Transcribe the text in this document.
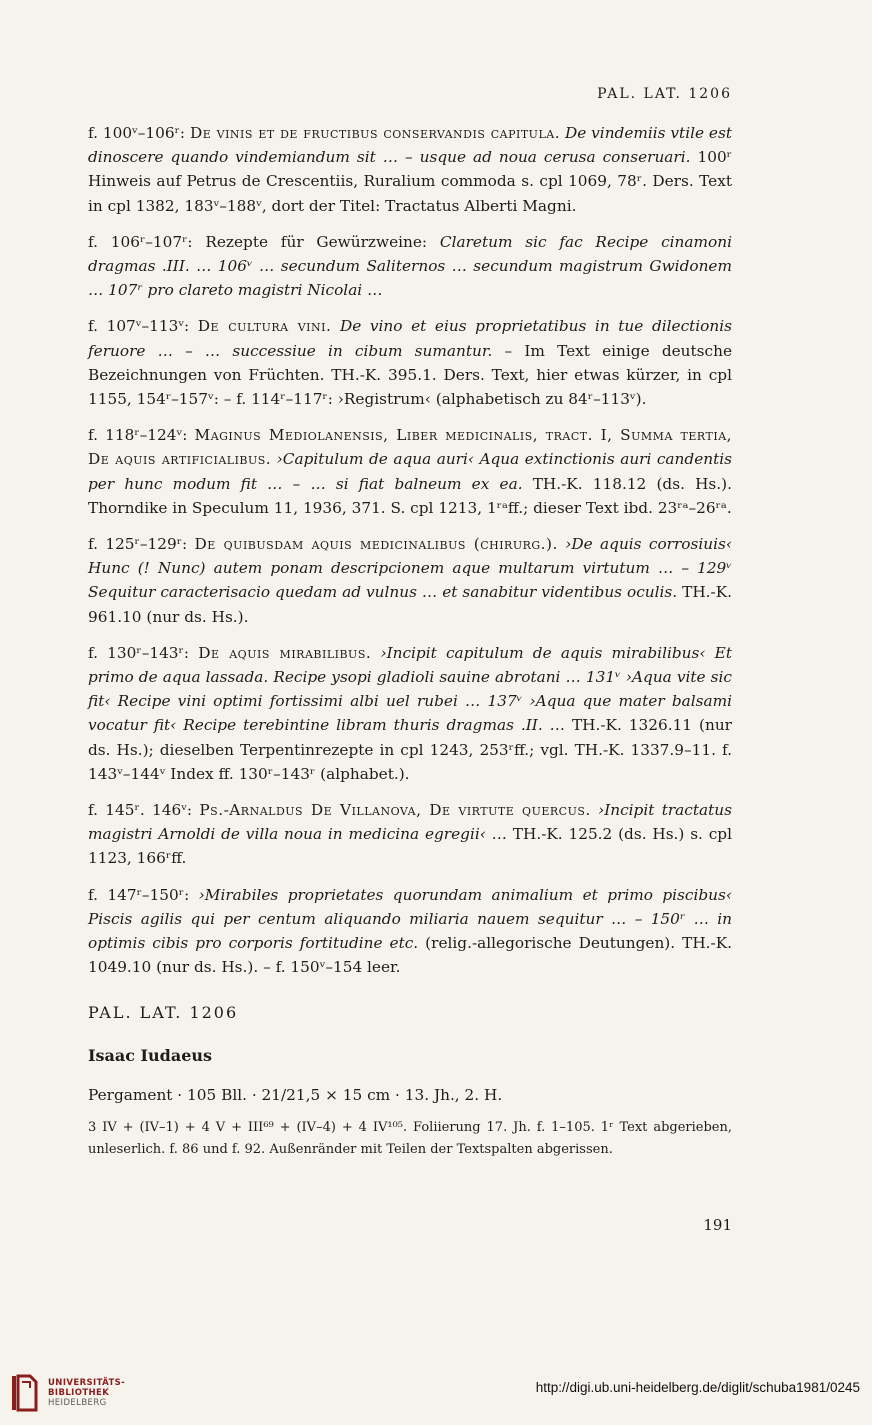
PAL. LAT. 1206

f. 100ᵛ–106ʳ: De vinis et de fructibus conservandis capitula. De vindemiis vtile est dinoscere quando vindemiandum sit … – usque ad noua cerusa conseruari. 100ʳ Hinweis auf Petrus de Crescentiis, Ruralium commoda s. cpl 1069, 78ʳ. Ders. Text in cpl 1382, 183ᵛ–188ᵛ, dort der Titel: Tractatus Alberti Magni.

f. 106ʳ–107ʳ: Rezepte für Gewürzweine: Claretum sic fac Recipe cinamoni dragmas .III. … 106ᵛ … secundum Saliternos … secundum magistrum Gwidonem … 107ʳ pro clareto magistri Nicolai …

f. 107ᵛ–113ᵛ: De cultura vini. De vino et eius proprietatibus in tue dilectionis feruore … – … successiue in cibum sumantur. – Im Text einige deutsche Bezeichnungen von Früchten. TH.-K. 395.1. Ders. Text, hier etwas kürzer, in cpl 1155, 154ʳ–157ᵛ: – f. 114ʳ–117ʳ: ›Registrum‹ (alphabetisch zu 84ʳ–113ᵛ).

f. 118ʳ–124ᵛ: Maginus Mediolanensis, Liber medicinalis, tract. I, Summa tertia, De aquis artificialibus. ›Capitulum de aqua auri‹ Aqua extinctionis auri candentis per hunc modum fit … – … si fiat balneum ex ea. TH.-K. 118.12 (ds. Hs.). Thorndike in Speculum 11, 1936, 371. S. cpl 1213, 1ʳᵃff.; dieser Text ibd. 23ʳᵃ–26ʳᵃ.

f. 125ʳ–129ʳ: De quibusdam aquis medicinalibus (chirurg.). ›De aquis corrosiuis‹ Hunc (! Nunc) autem ponam descripcionem aque multarum virtutum … – 129ᵛ Sequitur caracterisacio quedam ad vulnus … et sanabitur videntibus oculis. TH.-K. 961.10 (nur ds. Hs.).

f. 130ʳ–143ʳ: De aquis mirabilibus. ›Incipit capitulum de aquis mirabilibus‹ Et primo de aqua lassada. Recipe ysopi gladioli sauine abrotani … 131ᵛ ›Aqua vite sic fit‹ Recipe vini optimi fortissimi albi uel rubei … 137ᵛ ›Aqua que mater balsami vocatur fit‹ Recipe terebintine libram thuris dragmas .II. … TH.-K. 1326.11 (nur ds. Hs.); dieselben Terpentinrezepte in cpl 1243, 253ʳff.; vgl. TH.-K. 1337.9–11. f. 143ᵛ–144ᵛ Index ff. 130ʳ–143ʳ (alphabet.).

f. 145ʳ. 146ᵛ: Ps.-Arnaldus De Villanova, De virtute quercus. ›Incipit tractatus magistri Arnoldi de villa noua in medicina egregii‹ … TH.-K. 125.2 (ds. Hs.) s. cpl 1123, 166ʳff.

f. 147ʳ–150ʳ: ›Mirabiles proprietates quorundam animalium et primo piscibus‹ Piscis agilis qui per centum aliquando miliaria nauem sequitur … – 150ʳ … in optimis cibis pro corporis fortitudine etc. (relig.-allegorische Deutungen). TH.-K. 1049.10 (nur ds. Hs.). – f. 150ᵛ–154 leer.

PAL. LAT. 1206
Isaac Iudaeus
Pergament · 105 Bll. · 21/21,5 × 15 cm · 13. Jh., 2. H.
3 IV + (IV–1) + 4 V + III⁶⁹ + (IV–4) + 4 IV¹⁰⁵. Foliierung 17. Jh. f. 1–105. 1ʳ Text abgerieben, unleserlich. f. 86 und f. 92. Außenränder mit Teilen der Textspalten abgerissen.
191
UNIVERSITÄTS-
BIBLIOTHEK
HEIDELBERG
http://digi.ub.uni-heidelberg.de/diglit/schuba1981/0245
